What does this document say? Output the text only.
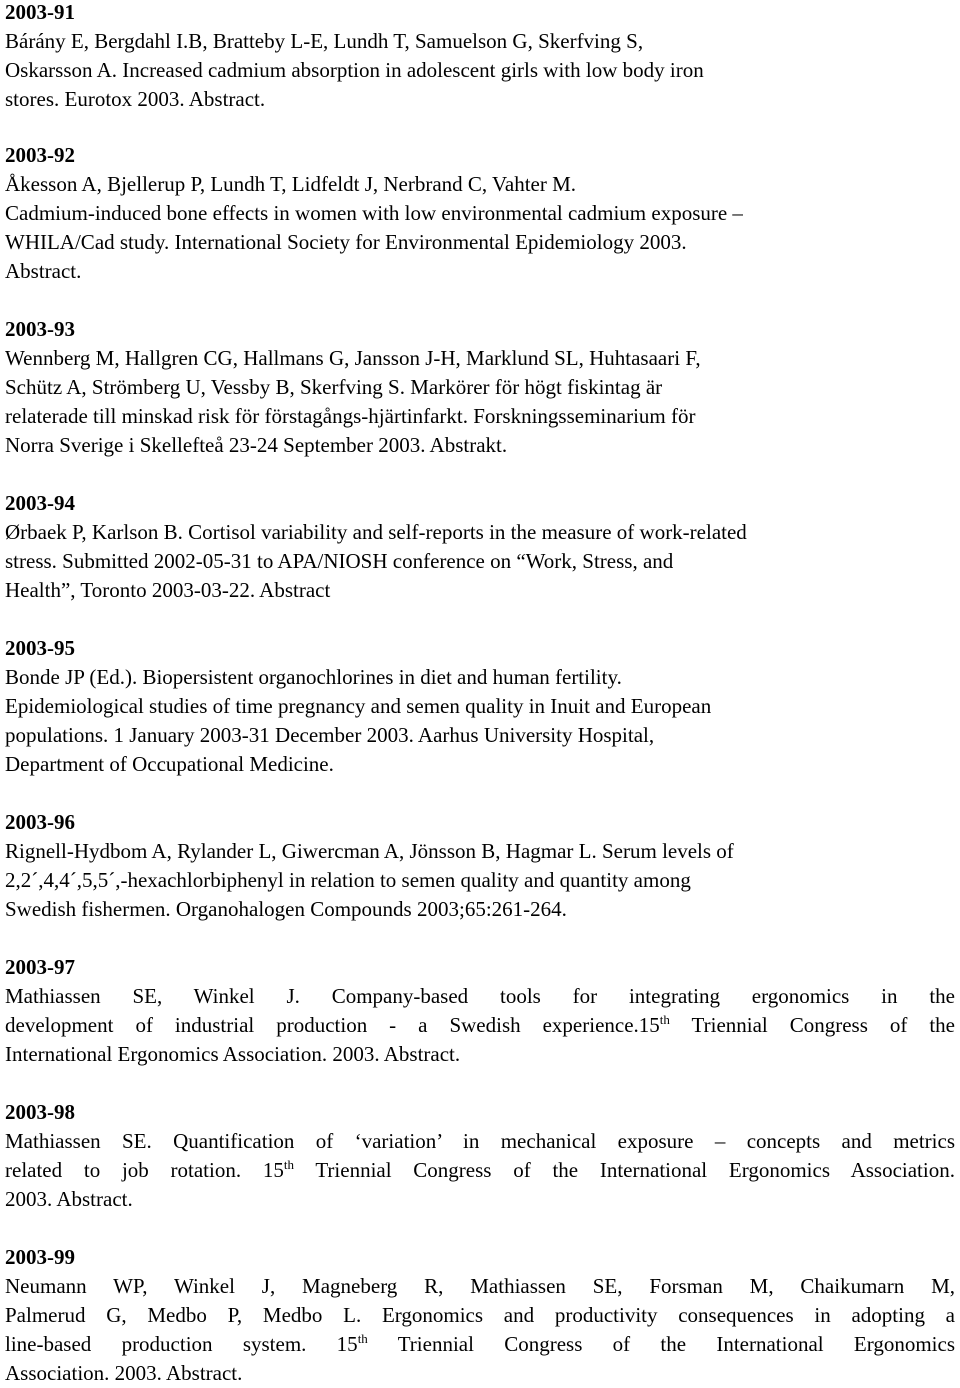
2003-91

Bárány E, Bergdahl I.B, Bratteby L-E, Lundh T, Samuelson G, Skerfving S,

Oskarsson A. Increased cadmium absorption in adolescent girls with low body iron

stores. Eurotox 2003. Abstract.

2003-92

Åkesson A, Bjellerup P, Lundh T, Lidfeldt J, Nerbrand C, Vahter M.

Cadmium-induced bone effects in women with low environmental cadmium exposure –

WHILA/Cad study. International Society for Environmental Epidemiology 2003.

Abstract.

2003-93

Wennberg M, Hallgren CG, Hallmans G, Jansson J-H, Marklund SL, Huhtasaari F,

Schütz A, Strömberg U, Vessby B, Skerfving S. Markörer för högt fiskintag är

relaterade till minskad risk för förstagångs-hjärtinfarkt. Forskningsseminarium för

Norra Sverige i Skellefteå 23-24 September 2003. Abstrakt.

2003-94

Ørbaek P, Karlson B. Cortisol variability and self-reports in the measure of work-related

stress. Submitted 2002-05-31 to APA/NIOSH conference on “Work, Stress, and

Health”, Toronto 2003-03-22. Abstract

2003-95

Bonde JP (Ed.). Biopersistent organochlorines in diet and human fertility.

Epidemiological studies of time pregnancy and semen quality in Inuit and European

populations. 1 January 2003-31 December 2003. Aarhus University Hospital,

Department of Occupational Medicine.

2003-96

Rignell-Hydbom A, Rylander L, Giwercman A, Jönsson B, Hagmar L. Serum levels of

2,2´,4,4´,5,5´,-hexachlorbiphenyl in relation to semen quality and quantity among

Swedish fishermen. Organohalogen Compounds 2003;65:261-264.

2003-97

Mathiassen SE, Winkel J. Company-based tools for integrating ergonomics in the

development of industrial production - a Swedish experience.15th Triennial Congress of the

International Ergonomics Association. 2003. Abstract.

2003-98

Mathiassen SE. Quantification of ‘variation’ in mechanical exposure – concepts and metrics

related to job rotation. 15th Triennial Congress of the International Ergonomics Association.

2003. Abstract.

2003-99

Neumann WP, Winkel J, Magneberg R, Mathiassen SE, Forsman M, Chaikumarn M,

Palmerud G, Medbo P, Medbo L. Ergonomics and productivity consequences in adopting a

line-based production system. 15th Triennial Congress of the International Ergonomics

Association. 2003. Abstract.
